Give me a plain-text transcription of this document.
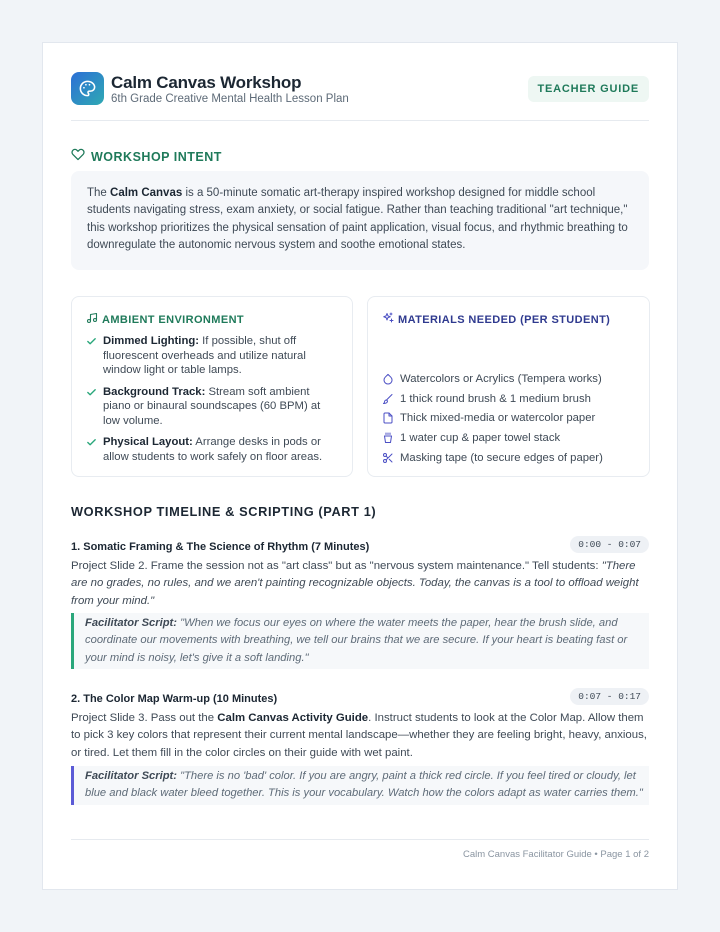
Calm Canvas Workshop
6th Grade Creative Mental Health Lesson Plan
TEACHER GUIDE
WORKSHOP INTENT
The Calm Canvas is a 50-minute somatic art-therapy inspired workshop designed for middle school students navigating stress, exam anxiety, or social fatigue. Rather than teaching traditional "art technique," this workshop prioritizes the physical sensation of paint application, visual focus, and rhythmic breathing to downregulate the autonomic nervous system and soothe emotional states.
AMBIENT ENVIRONMENT
Dimmed Lighting: If possible, shut off fluorescent overheads and utilize natural window light or table lamps.
Background Track: Stream soft ambient piano or binaural soundscapes (60 BPM) at low volume.
Physical Layout: Arrange desks in pods or allow students to work safely on floor areas.
MATERIALS NEEDED (PER STUDENT)
Watercolors or Acrylics (Tempera works)
1 thick round brush & 1 medium brush
Thick mixed-media or watercolor paper
1 water cup & paper towel stack
Masking tape (to secure edges of paper)
WORKSHOP TIMELINE & SCRIPTING (PART 1)
1. Somatic Framing & The Science of Rhythm (7 Minutes)	0:00 - 0:07
Project Slide 2. Frame the session not as "art class" but as "nervous system maintenance." Tell students: "There are no grades, no rules, and we aren't painting recognizable objects. Today, the canvas is a tool to offload weight from your mind."
Facilitator Script: "When we focus our eyes on where the water meets the paper, hear the brush slide, and coordinate our movements with breathing, we tell our brains that we are secure. If your heart is beating fast or your mind is noisy, let's give it a soft landing."
2. The Color Map Warm-up (10 Minutes)	0:07 - 0:17
Project Slide 3. Pass out the Calm Canvas Activity Guide. Instruct students to look at the Color Map. Allow them to pick 3 key colors that represent their current mental landscape—whether they are feeling bright, heavy, anxious, or tired. Let them fill in the color circles on their guide with wet paint.
Facilitator Script: "There is no 'bad' color. If you are angry, paint a thick red circle. If you feel tired or cloudy, let blue and black water bleed together. This is your vocabulary. Watch how the colors adapt as water carries them."
Calm Canvas Facilitator Guide • Page 1 of 2
